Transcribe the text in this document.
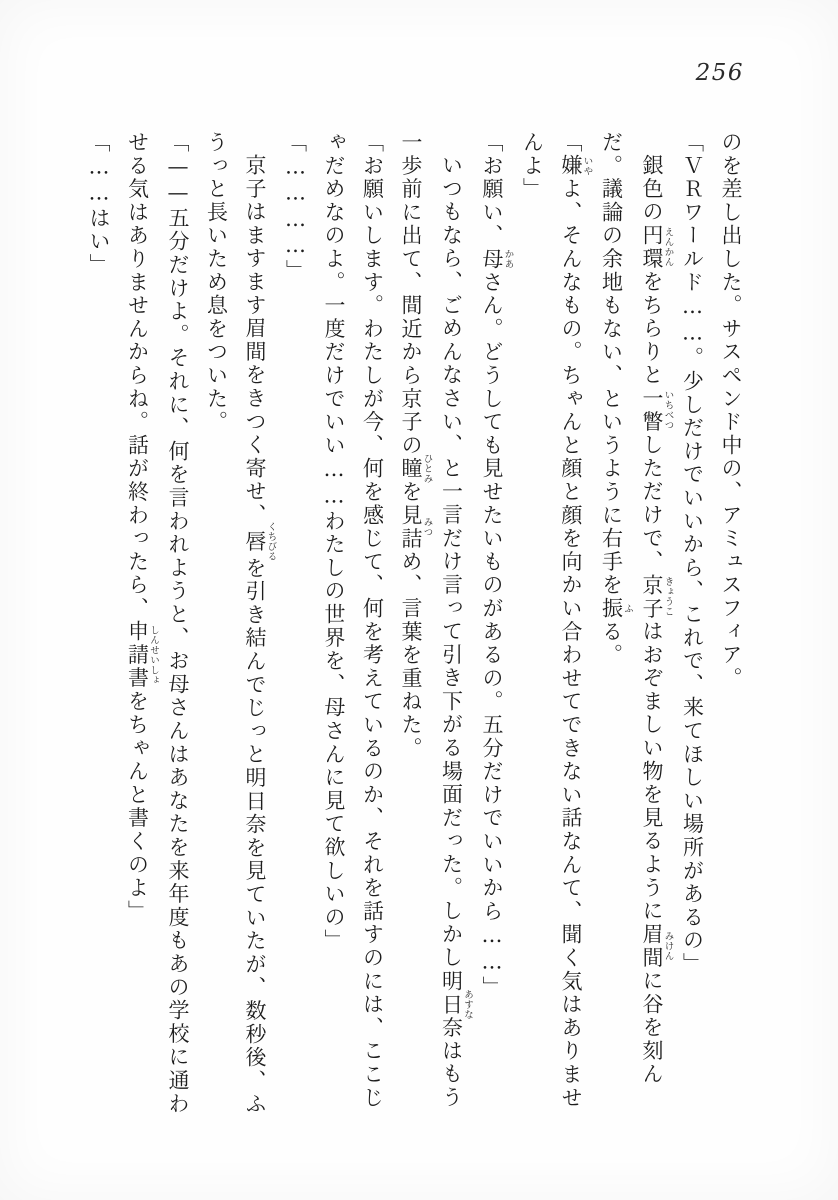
256
のを差し出した。サスペンド中の、アミュスフィア。
「ＶＲワールド……。少しだけでいいから、これで、来てほしい場所があるの」
銀色の円環えんかんをちらりと一瞥いちべつしただけで、京子きょうこはおぞましい物を見るように眉間みけんに谷を刻ん
だ。議論の余地もない、というように右手を振ふる。
「嫌いやよ、そんなもの。ちゃんと顔と顔を向かい合わせてできない話なんて、聞く気はありませ
んよ」
「お願い、母かあさん。どうしても見せたいものがあるの。五分だけでいいから……」
いつもなら、ごめんなさい、と一言だけ言って引き下がる場面だった。しかし明日奈あすなはもう
一歩前に出て、間近から京子の瞳ひとみを見詰みつめ、言葉を重ねた。
「お願いします。わたしが今、何を感じて、何を考えているのか、それを話すのには、ここじ
ゃだめなのよ。一度だけでいい……わたしの世界を、母さんに見て欲しいの」
「…………」
京子はますます眉間をきつく寄せ、唇くちびるを引き結んでじっと明日奈を見ていたが、数秒後、ふ
うっと長いため息をついた。
「——五分だけよ。それに、何を言われようと、お母さんはあなたを来年度もあの学校に通わ
せる気はありませんからね。話が終わったら、申請書しんせいしょをちゃんと書くのよ」
「……はい」
